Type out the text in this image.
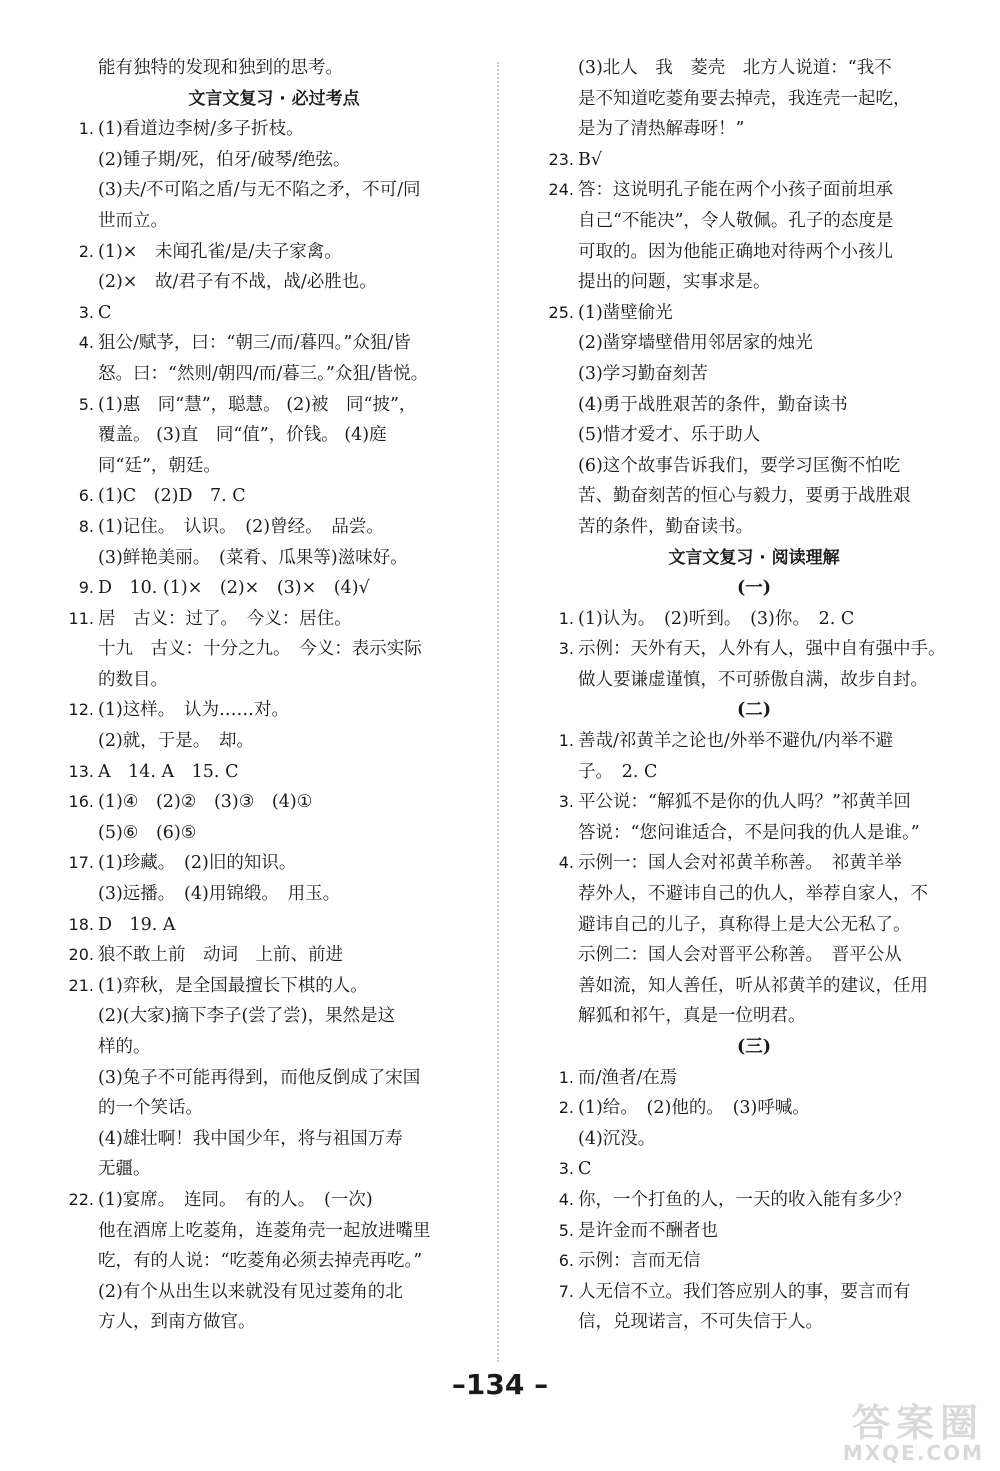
能有独特的发现和独到的思考。
文言文复习 · 必过考点
1. (1)看道边李树/多子折枝。
(2)锺子期/死，伯牙/破琴/绝弦。
(3)夫/不可陷之盾/与无不陷之矛，不可/同
世而立。
2. (1)×　未闻孔雀/是/夫子家禽。
(2)×　故/君子有不战，战/必胜也。
3. C
4. 狙公/赋芧，曰：“朝三/而/暮四。”众狙/皆
怒。曰：“然则/朝四/而/暮三。”众狙/皆悦。
5. (1)惠　同“慧”，聪慧。 (2)被　同“披”，
覆盖。 (3)直　同“值”，价钱。 (4)庭
同“廷”，朝廷。
6. (1)C　(2)D　7. C
8. (1)记住。　认识。　(2)曾经。　品尝。
(3)鲜艳美丽。　(菜肴、瓜果等)滋味好。
9. D　10. (1)×　(2)×　(3)×　(4)√
11. 居　古义：过了。　今义：居住。
十九　古义：十分之九。　今义：表示实际
的数目。
12. (1)这样。　认为……对。
(2)就，于是。　却。
13. A　14. A　15. C
16. (1)④　(2)②　(3)③　(4)①
(5)⑥　(6)⑤
17. (1)珍藏。　(2)旧的知识。
(3)远播。　(4)用锦缎。　用玉。
18. D　19. A
20. 狼不敢上前　动词　上前、前进
21. (1)弈秋，是全国最擅长下棋的人。
(2)(大家)摘下李子(尝了尝)，果然是这
样的。
(3)兔子不可能再得到，而他反倒成了宋国
的一个笑话。
(4)雄壮啊！我中国少年，将与祖国万寿
无疆。
22. (1)宴席。　连同。　有的人。　(一次)
他在酒席上吃菱角，连菱角壳一起放进嘴里
吃，有的人说：“吃菱角必须去掉壳再吃。”
(2)有个从出生以来就没有见过菱角的北
方人，到南方做官。
(3)北人　我　菱壳　北方人说道：“我不
是不知道吃菱角要去掉壳，我连壳一起吃，
是为了清热解毒呀！”
23. B√
24. 答：这说明孔子能在两个小孩子面前坦承
自己“不能决”，令人敬佩。孔子的态度是
可取的。因为他能正确地对待两个小孩儿
提出的问题，实事求是。
25. (1)凿壁偷光
(2)凿穿墙壁借用邻居家的烛光
(3)学习勤奋刻苦
(4)勇于战胜艰苦的条件，勤奋读书
(5)惜才爱才、乐于助人
(6)这个故事告诉我们，要学习匡衡不怕吃
苦、勤奋刻苦的恒心与毅力，要勇于战胜艰
苦的条件，勤奋读书。
文言文复习 · 阅读理解
(一)
1. (1)认为。　(2)听到。　(3)你。　2. C
3. 示例：天外有天，人外有人，强中自有强中手。
做人要谦虚谨慎，不可骄傲自满，故步自封。
(二)
1. 善哉/祁黄羊之论也/外举不避仇/内举不避
子。　2. C
3. 平公说：“解狐不是你的仇人吗？”祁黄羊回
答说：“您问谁适合，不是问我的仇人是谁。”
4. 示例一：国人会对祁黄羊称善。　祁黄羊举
荐外人，不避讳自己的仇人，举荐自家人，不
避讳自己的儿子，真称得上是大公无私了。
示例二：国人会对晋平公称善。　晋平公从
善如流，知人善任，听从祁黄羊的建议，任用
解狐和祁午，真是一位明君。
(三)
1. 而/渔者/在焉
2. (1)给。　(2)他的。　(3)呼喊。
(4)沉没。
3. C
4. 你，一个打鱼的人，一天的收入能有多少？
5. 是许金而不酬者也
6. 示例：言而无信
7. 人无信不立。我们答应别人的事，要言而有
信，兑现诺言，不可失信于人。
–134 –
答案圈
MXQE.COM
